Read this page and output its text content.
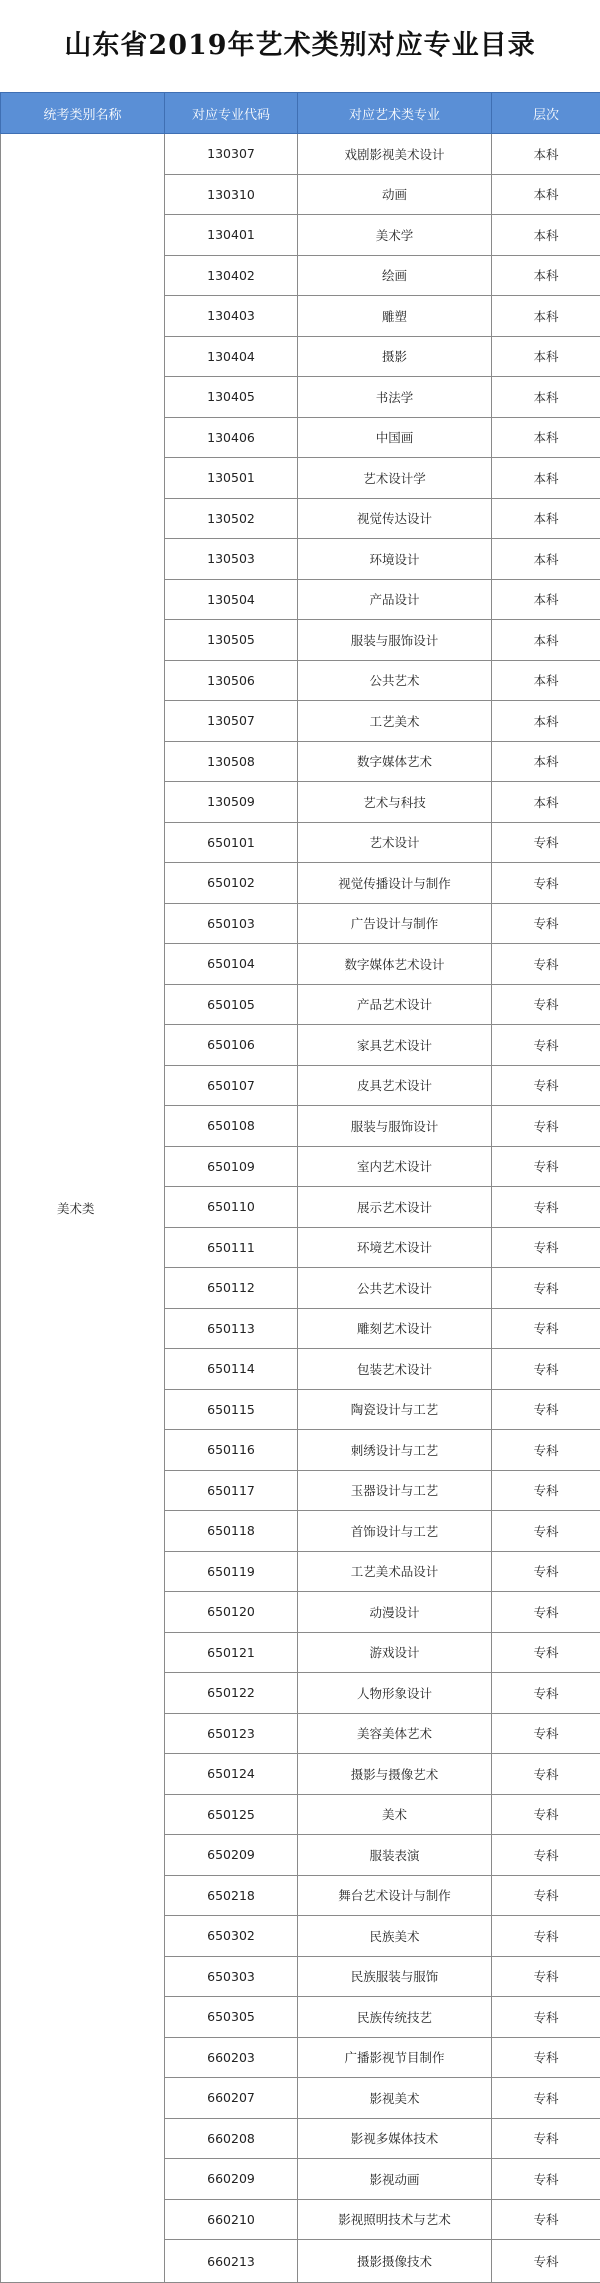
山东省2019年艺术类别对应专业目录
统考类别名称	对应专业代码	对应艺术类专业	层次
美术类	130307	戏剧影视美术设计	本科
	130310	动画	本科
	130401	美术学	本科
	130402	绘画	本科
	130403	雕塑	本科
	130404	摄影	本科
	130405	书法学	本科
	130406	中国画	本科
	130501	艺术设计学	本科
	130502	视觉传达设计	本科
	130503	环境设计	本科
	130504	产品设计	本科
	130505	服装与服饰设计	本科
	130506	公共艺术	本科
	130507	工艺美术	本科
	130508	数字媒体艺术	本科
	130509	艺术与科技	本科
	650101	艺术设计	专科
	650102	视觉传播设计与制作	专科
	650103	广告设计与制作	专科
	650104	数字媒体艺术设计	专科
	650105	产品艺术设计	专科
	650106	家具艺术设计	专科
	650107	皮具艺术设计	专科
	650108	服装与服饰设计	专科
	650109	室内艺术设计	专科
	650110	展示艺术设计	专科
	650111	环境艺术设计	专科
	650112	公共艺术设计	专科
	650113	雕刻艺术设计	专科
	650114	包装艺术设计	专科
	650115	陶瓷设计与工艺	专科
	650116	刺绣设计与工艺	专科
	650117	玉器设计与工艺	专科
	650118	首饰设计与工艺	专科
	650119	工艺美术品设计	专科
	650120	动漫设计	专科
	650121	游戏设计	专科
	650122	人物形象设计	专科
	650123	美容美体艺术	专科
	650124	摄影与摄像艺术	专科
	650125	美术	专科
	650209	服装表演	专科
	650218	舞台艺术设计与制作	专科
	650302	民族美术	专科
	650303	民族服装与服饰	专科
	650305	民族传统技艺	专科
	660203	广播影视节目制作	专科
	660207	影视美术	专科
	660208	影视多媒体技术	专科
	660209	影视动画	专科
	660210	影视照明技术与艺术	专科
	660213	摄影摄像技术	专科
